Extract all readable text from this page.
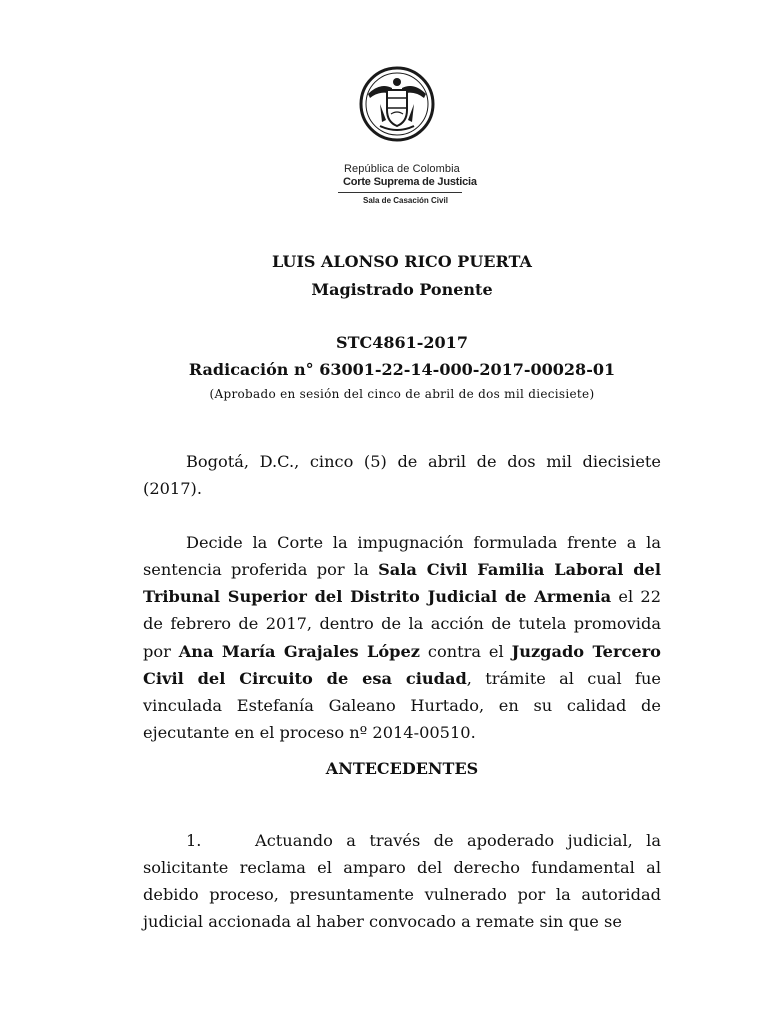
República de Colombia
Corte Suprema de Justicia
Sala de Casación Civil
LUIS ALONSO RICO PUERTA
Magistrado Ponente
STC4861-2017
Radicación n° 63001-22-14-000-2017-00028-01
(Aprobado en sesión del cinco de abril de dos mil diecisiete)

Bogotá, D.C., cinco (5) de abril de dos mil diecisiete (2017).

Decide la Corte la impugnación formulada frente a la sentencia proferida por la Sala Civil Familia Laboral del Tribunal Superior del Distrito Judicial de Armenia el 22 de febrero de 2017, dentro de la acción de tutela promovida por Ana María Grajales López contra el Juzgado Tercero Civil del Circuito de esa ciudad, trámite al cual fue vinculada Estefanía Galeano Hurtado, en su calidad de ejecutante en el proceso nº 2014-00510.

ANTECEDENTES

1.    Actuando a través de apoderado judicial, la solicitante reclama el amparo del derecho fundamental al debido proceso, presuntamente vulnerado por la autoridad judicial accionada al haber convocado a remate sin que se
